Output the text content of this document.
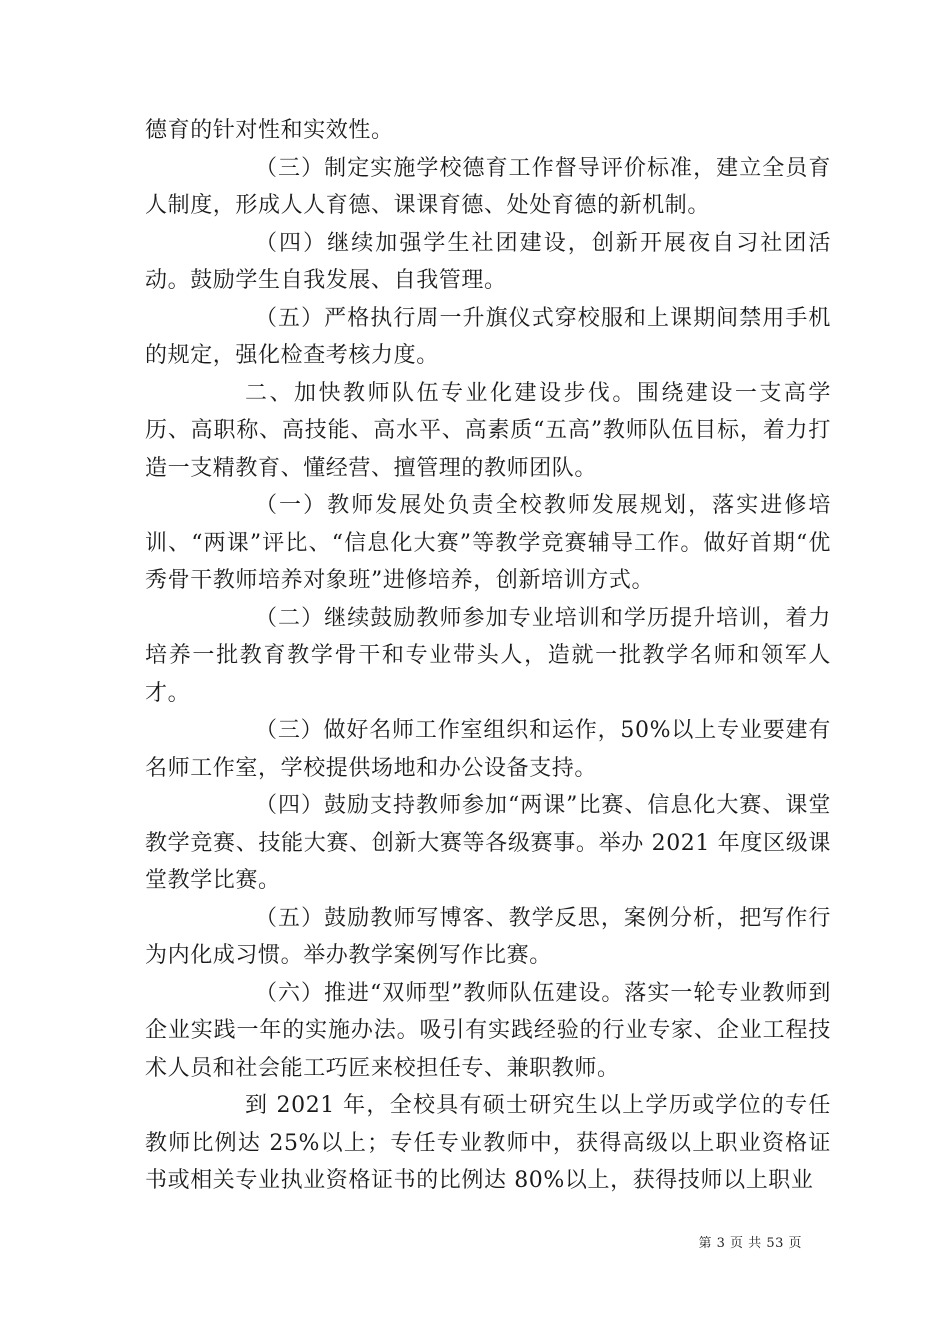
德育的针对性和实效性。

（三）制定实施学校德育工作督导评价标准，建立全员育人制度，形成人人育德、课课育德、处处育德的新机制。

（四）继续加强学生社团建设，创新开展夜自习社团活动。鼓励学生自我发展、自我管理。

（五）严格执行周一升旗仪式穿校服和上课期间禁用手机的规定，强化检查考核力度。

二、加快教师队伍专业化建设步伐。围绕建设一支高学历、高职称、高技能、高水平、高素质“五高”教师队伍目标，着力打造一支精教育、懂经营、擅管理的教师团队。

（一）教师发展处负责全校教师发展规划，落实进修培训、“两课”评比、“信息化大赛”等教学竞赛辅导工作。做好首期“优秀骨干教师培养对象班”进修培养，创新培训方式。

（二）继续鼓励教师参加专业培训和学历提升培训，着力培养一批教育教学骨干和专业带头人，造就一批教学名师和领军人才。

（三）做好名师工作室组织和运作，50%以上专业要建有名师工作室，学校提供场地和办公设备支持。

（四）鼓励支持教师参加“两课”比赛、信息化大赛、课堂教学竞赛、技能大赛、创新大赛等各级赛事。举办 2021 年度区级课堂教学比赛。

（五）鼓励教师写博客、教学反思，案例分析，把写作行为内化成习惯。举办教学案例写作比赛。

（六）推进“双师型”教师队伍建设。落实一轮专业教师到企业实践一年的实施办法。吸引有实践经验的行业专家、企业工程技术人员和社会能工巧匠来校担任专、兼职教师。

到 2021 年，全校具有硕士研究生以上学历或学位的专任教师比例达 25%以上；专任专业教师中，获得高级以上职业资格证书或相关专业执业资格证书的比例达 80%以上，获得技师以上职业

第 3 页 共 53 页
